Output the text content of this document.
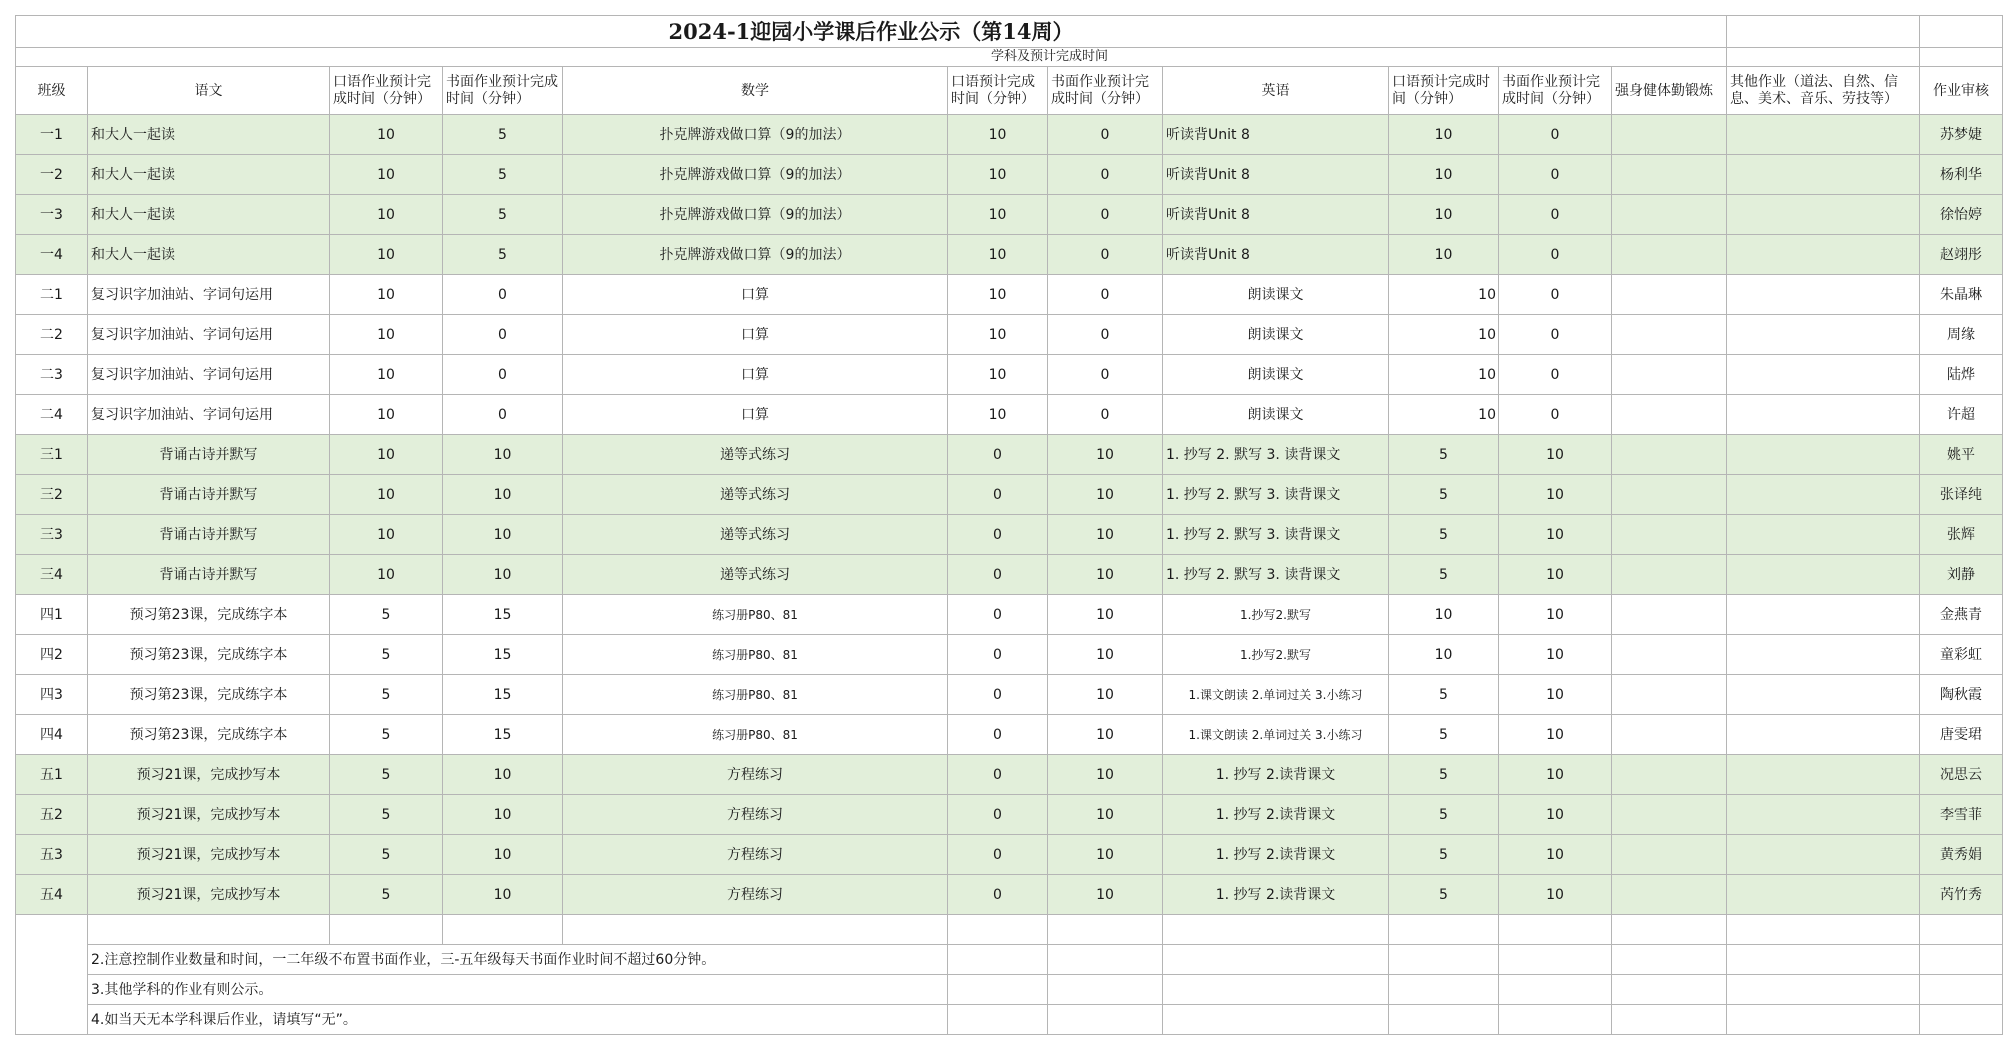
2024-1迎园小学课后作业公示（第14周）												
学科及预计完成时间												
班级	语文	口语作业预计完成时间（分钟）	书面作业预计完成时间（分钟）	数学	口语预计完成时间（分钟）	书面作业预计完成时间（分钟）	英语	口语预计完成时间（分钟）	书面作业预计完成时间（分钟）	强身健体勤锻炼	其他作业（道法、自然、信息、美术、音乐、劳技等）	作业审核
一1	和大人一起读	10	5	扑克牌游戏做口算（9的加法）	10	0	听读背Unit 8	10	0			苏梦婕
一2	和大人一起读	10	5	扑克牌游戏做口算（9的加法）	10	0	听读背Unit 8	10	0			杨利华
一3	和大人一起读	10	5	扑克牌游戏做口算（9的加法）	10	0	听读背Unit 8	10	0			徐怡婷
一4	和大人一起读	10	5	扑克牌游戏做口算（9的加法）	10	0	听读背Unit 8	10	0			赵翊彤
二1	复习识字加油站、字词句运用	10	0	口算	10	0	朗读课文	10	0			朱晶琳
二2	复习识字加油站、字词句运用	10	0	口算	10	0	朗读课文	10	0			周缘
二3	复习识字加油站、字词句运用	10	0	口算	10	0	朗读课文	10	0			陆烨
二4	复习识字加油站、字词句运用	10	0	口算	10	0	朗读课文	10	0			许超
三1	背诵古诗并默写	10	10	递等式练习	0	10	1. 抄写 2. 默写 3. 读背课文	5	10			姚平
三2	背诵古诗并默写	10	10	递等式练习	0	10	1. 抄写 2. 默写 3. 读背课文	5	10			张译纯
三3	背诵古诗并默写	10	10	递等式练习	0	10	1. 抄写 2. 默写 3. 读背课文	5	10			张辉
三4	背诵古诗并默写	10	10	递等式练习	0	10	1. 抄写 2. 默写 3. 读背课文	5	10			刘静
四1	预习第23课，完成练字本	5	15	练习册P80、81	0	10	1.抄写2.默写	10	10			金燕青
四2	预习第23课，完成练字本	5	15	练习册P80、81	0	10	1.抄写2.默写	10	10			童彩虹
四3	预习第23课，完成练字本	5	15	练习册P80、81	0	10	1.课文朗读 2.单词过关 3.小练习	5	10			陶秋霞
四4	预习第23课，完成练字本	5	15	练习册P80、81	0	10	1.课文朗读 2.单词过关 3.小练习	5	10			唐雯珺
五1	预习21课，完成抄写本	5	10	方程练习	0	10	1. 抄写 2.读背课文	5	10			况思云
五2	预习21课，完成抄写本	5	10	方程练习	0	10	1. 抄写 2.读背课文	5	10			李雪菲
五3	预习21课，完成抄写本	5	10	方程练习	0	10	1. 抄写 2.读背课文	5	10			黄秀娟
五4	预习21课，完成抄写本	5	10	方程练习	0	10	1. 抄写 2.读背课文	5	10			芮竹秀

	2.注意控制作业数量和时间，一二年级不布置书面作业，三-五年级每天书面作业时间不超过60分钟。											
	3.其他学科的作业有则公示。											
	4.如当天无本学科课后作业，请填写“无”。											
